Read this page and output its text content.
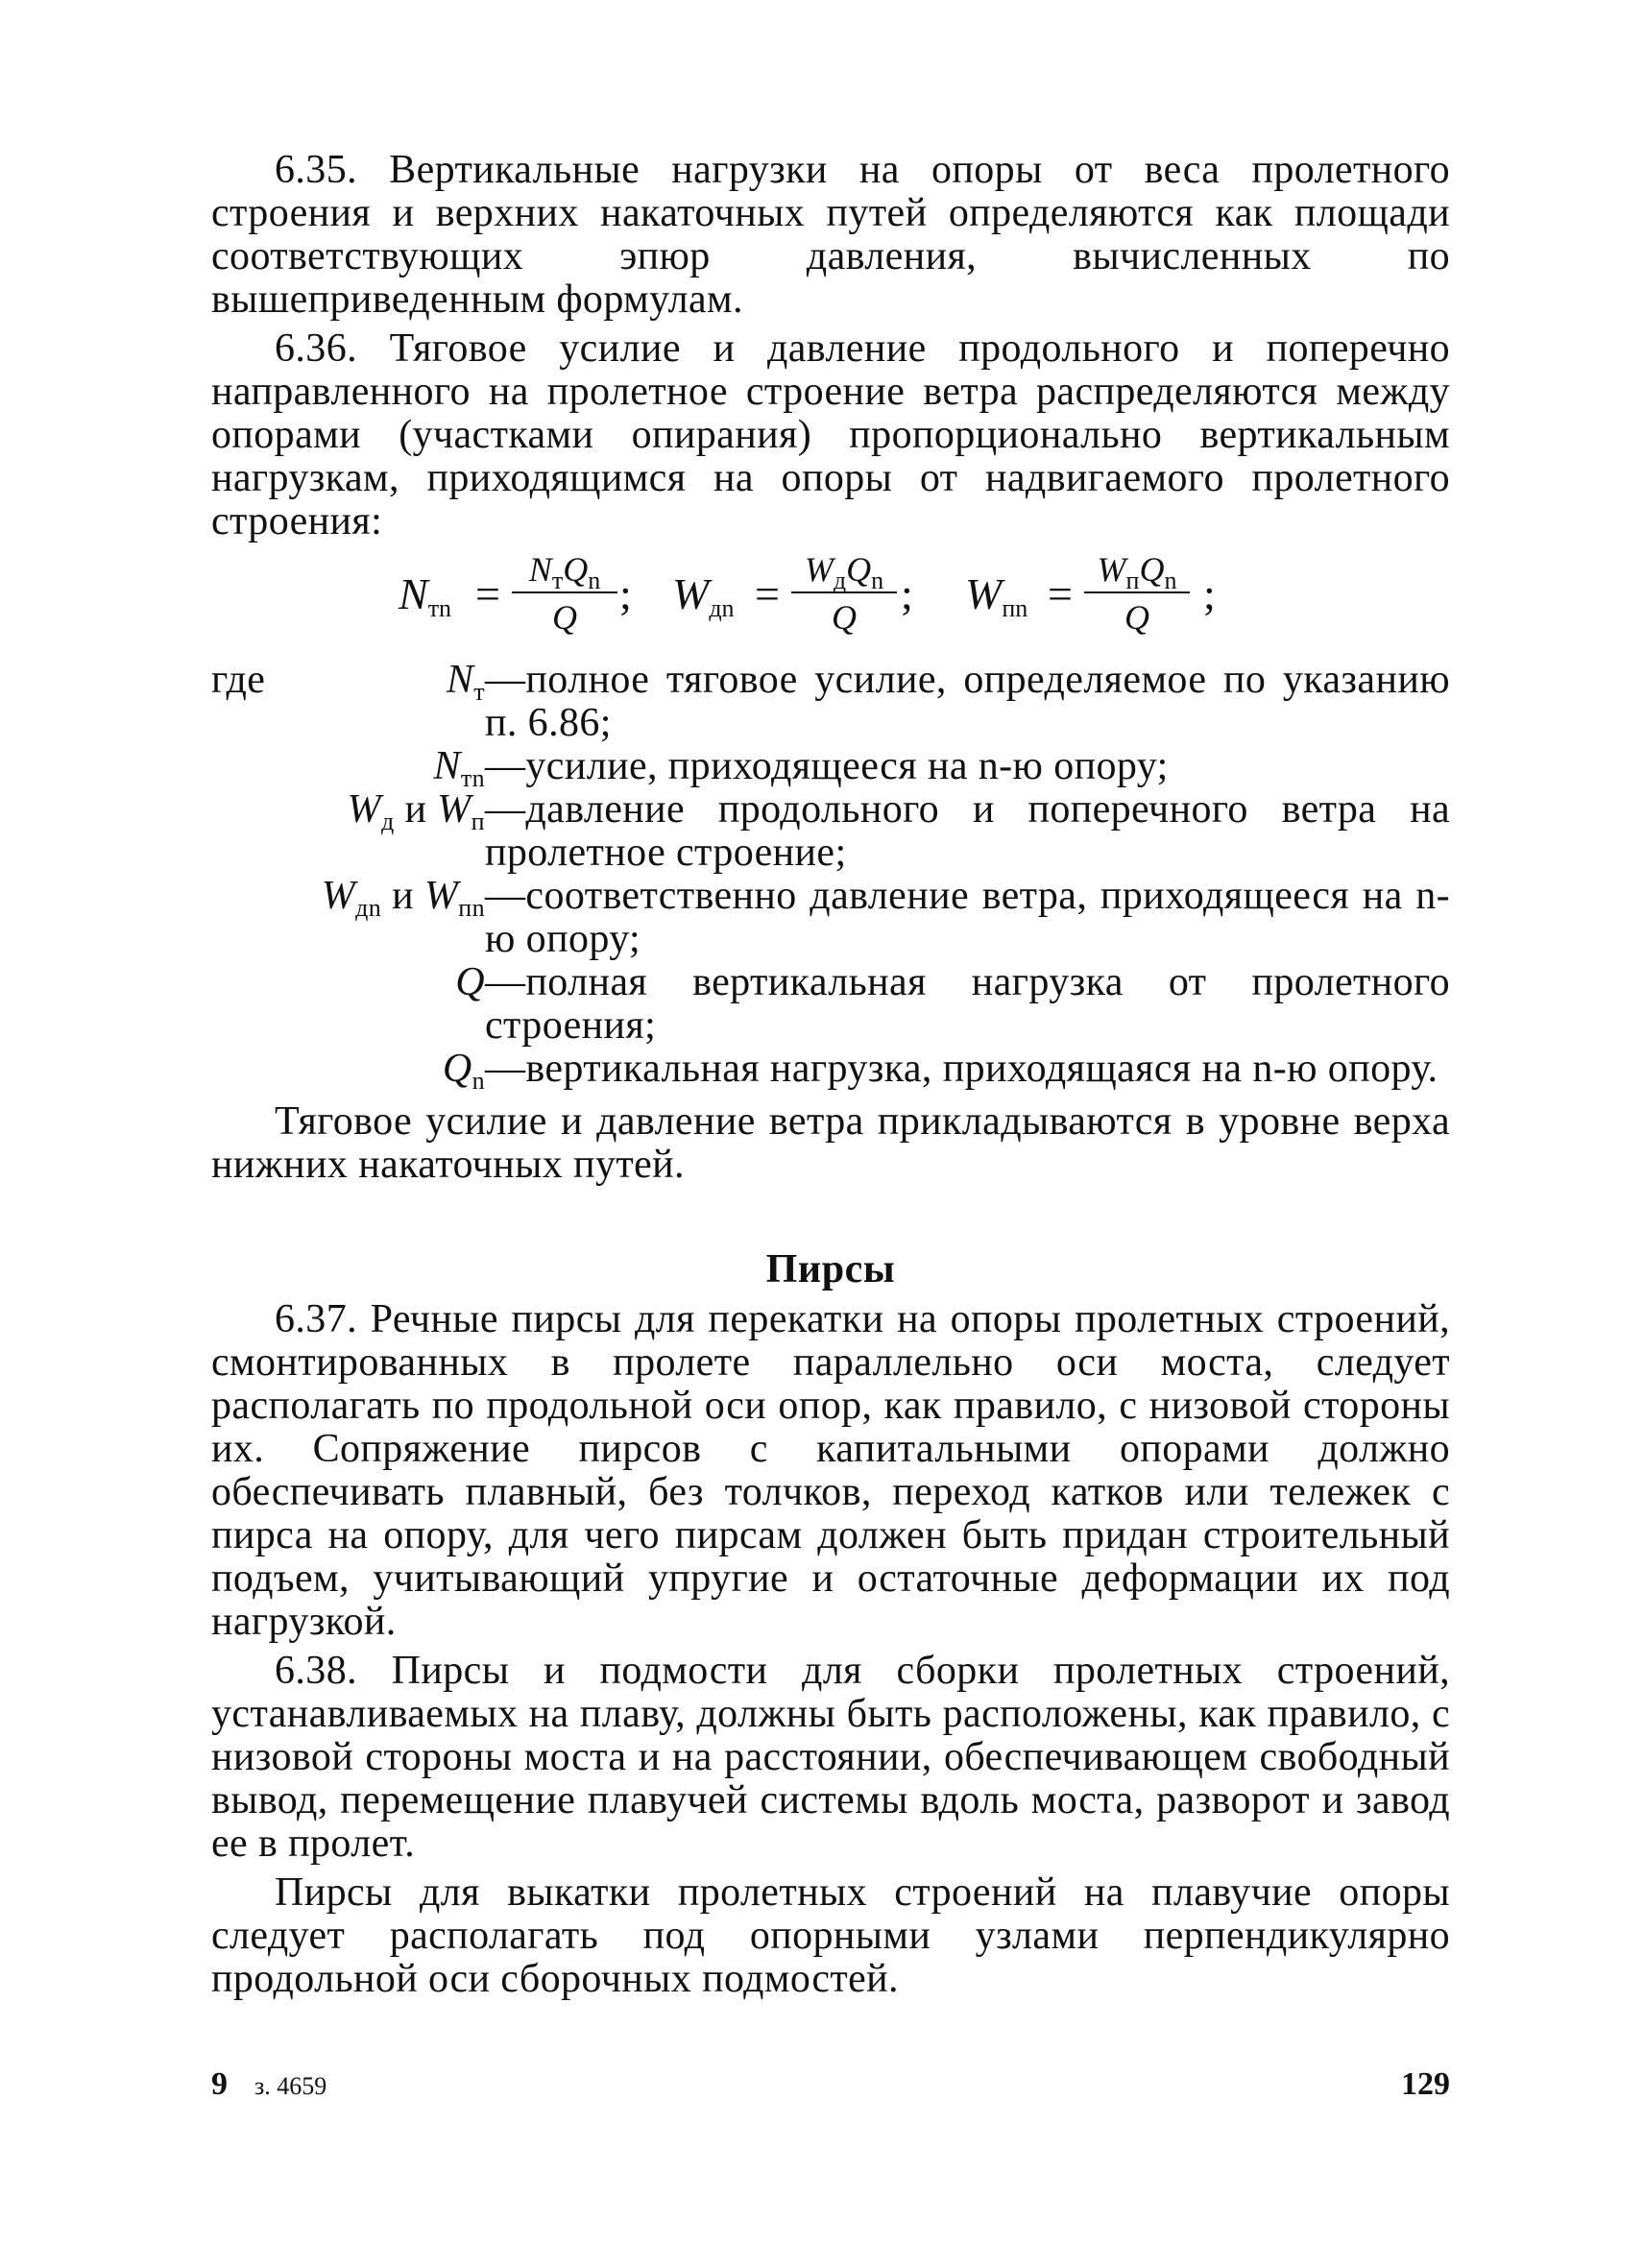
6.35. Вертикальные нагрузки на опоры от веса пролетного строения и верхних накаточных путей определяются как площади соответствующих эпюр давления, вычисленных по вышеприведенным формулам.

6.36. Тяговое усилие и давление продольного и поперечно направленного на пролетное строение ветра распределяются между опорами (участками опирания) пропорционально вертикальным нагрузкам, приходящимся на опоры от надвигаемого пролетного строения:

Nтn = $N_тQ_n$
Q ; Wдn = $W_дQ_n$
Q	; Wпn = $W_пQ_n$
Q	;
где	Nт —полное тяговое усилие, определяемое по указанию п. 6.86;
Nтn —усилие, приходящееся на n-ю опору;
Wд и Wп —давление продольного и поперечного ветра на пролетное строение;
Wдn и Wпn —соответственно давление ветра, приходящееся на n-ю опору;
Q —полная вертикальная нагрузка от пролетного строения;
Qn —вертикальная нагрузка, приходящаяся на n-ю опору.

Тяговое усилие и давление ветра прикладываются в уровне верха нижних накаточных путей.

Пирсы

6.37. Речные пирсы для перекатки на опоры пролетных строений, смонтированных в пролете параллельно оси моста, следует располагать по продольной оси опор, как правило, с низовой стороны их. Сопряжение пирсов с капитальными опорами должно обеспечивать плавный, без толчков, переход катков или тележек с пирса на опору, для чего пирсам должен быть придан строительный подъем, учитывающий упругие и остаточные деформации их под нагрузкой.

6.38. Пирсы и подмости для сборки пролетных строений, устанавливаемых на плаву, должны быть расположены, как правило, с низовой стороны моста и на расстоянии, обеспечивающем свободный вывод, перемещение плавучей системы вдоль моста, разворот и завод ее в пролет.

Пирсы для выкатки пролетных строений на плавучие опоры следует располагать под опорными узлами перпендикулярно продольной оси сборочных подмостей.

9 з. 4659	129
